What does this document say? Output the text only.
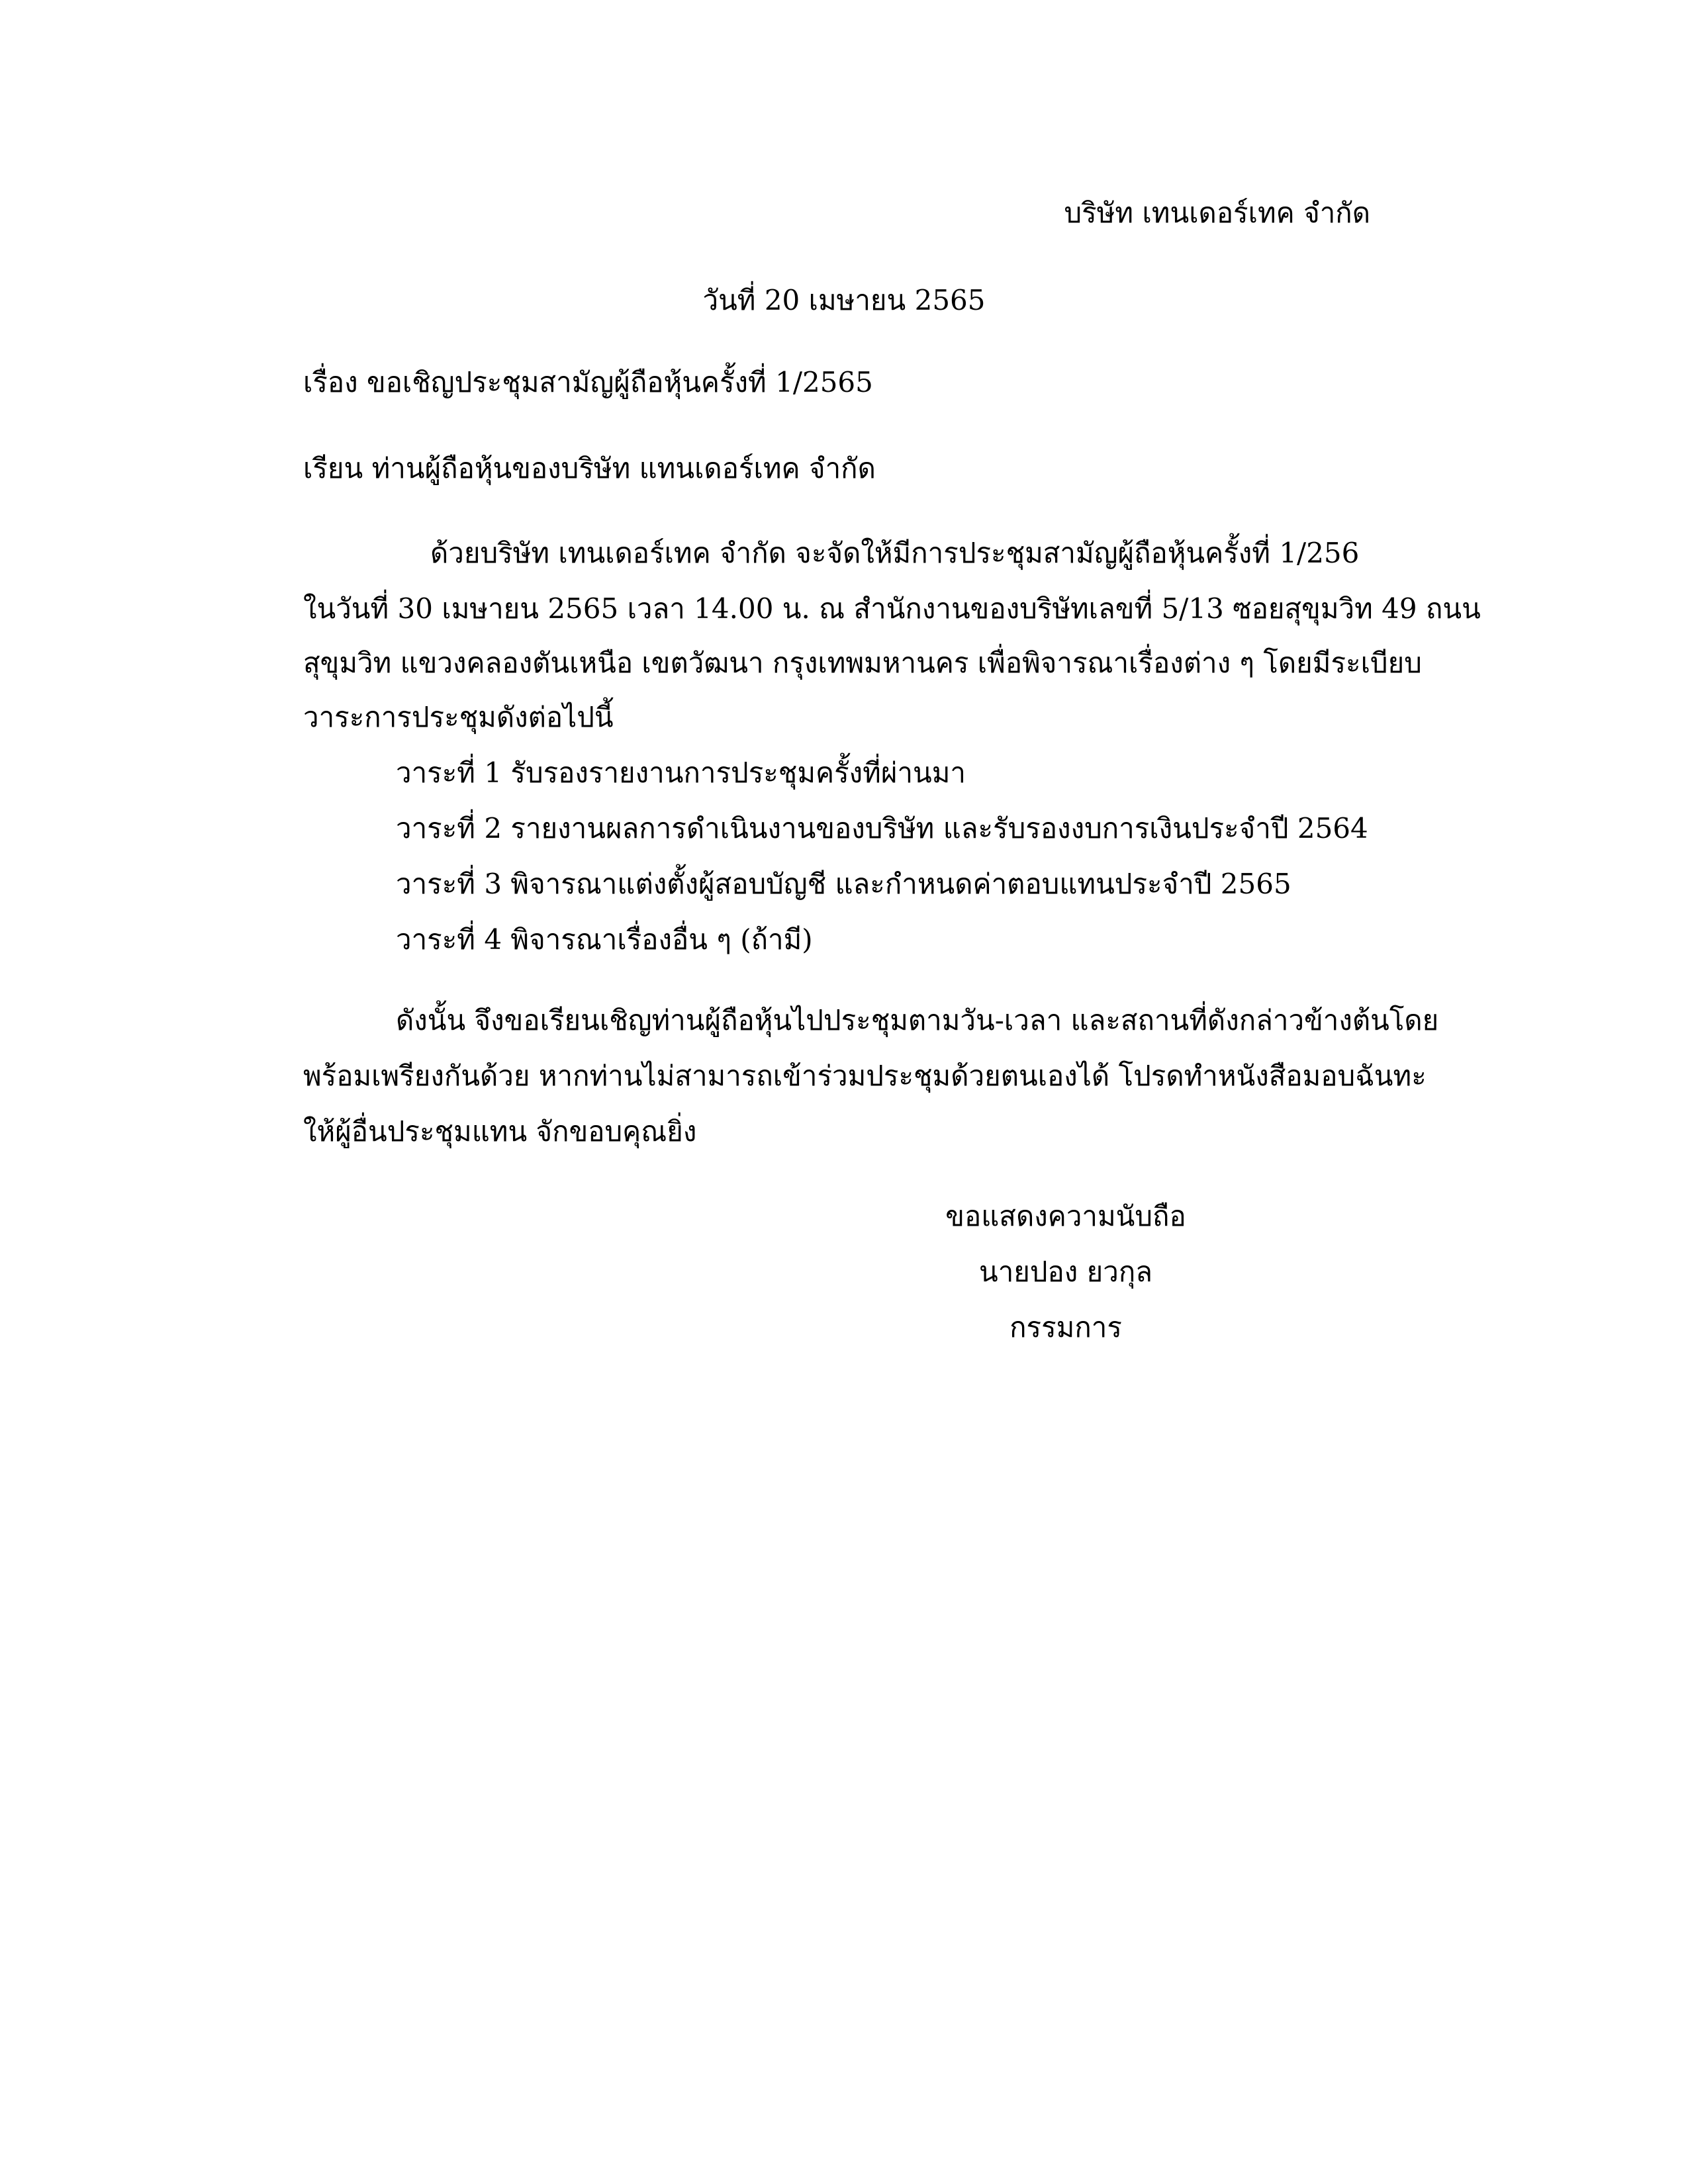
บริษัท เทนเดอร์เทค จำกัด

วันที่ 20 เมษายน 2565

เรื่อง ขอเชิญประชุมสามัญผู้ถือหุ้นครั้งที่ 1/2565

เรียน ท่านผู้ถือหุ้นของบริษัท แทนเดอร์เทค จำกัด

ด้วยบริษัท เทนเดอร์เทค จำกัด จะจัดให้มีการประชุมสามัญผู้ถือหุ้นครั้งที่ 1/256

ในวันที่ 30 เมษายน 2565 เวลา 14.00 น. ณ สำนักงานของบริษัทเลขที่ 5/13 ซอยสุขุมวิท 49 ถนน

สุขุมวิท แขวงคลองตันเหนือ เขตวัฒนา กรุงเทพมหานคร เพื่อพิจารณาเรื่องต่าง ๆ โดยมีระเบียบ

วาระการประชุมดังต่อไปนี้

วาระที่ 1 รับรองรายงานการประชุมครั้งที่ผ่านมา

วาระที่ 2 รายงานผลการดำเนินงานของบริษัท และรับรองงบการเงินประจำปี 2564

วาระที่ 3 พิจารณาแต่งตั้งผู้สอบบัญชี และกำหนดค่าตอบแทนประจำปี 2565

วาระที่ 4 พิจารณาเรื่องอื่น ๆ (ถ้ามี)

ดังนั้น จึงขอเรียนเชิญท่านผู้ถือหุ้นไปประชุมตามวัน-เวลา และสถานที่ดังกล่าวข้างต้นโดย

พร้อมเพรียงกันด้วย หากท่านไม่สามารถเข้าร่วมประชุมด้วยตนเองได้ โปรดทำหนังสือมอบฉันทะ

ให้ผู้อื่นประชุมแทน จักขอบคุณยิ่ง

ขอแสดงความนับถือ

นายปอง ยวกุล

กรรมการ
